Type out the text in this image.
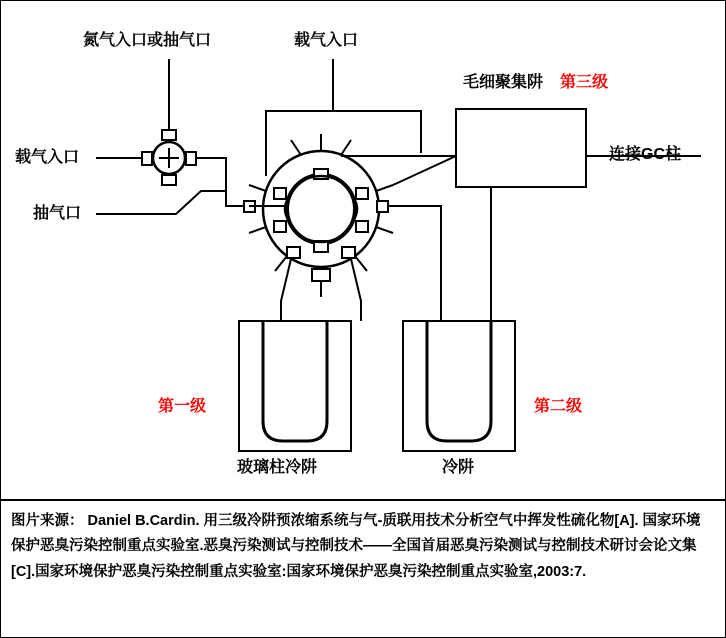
氮气入口或抽气口	载气入口
载气入口
抽气口
毛细聚集阱 第三级
连接GC柱
第一级	第二级
玻璃柱冷阱	冷阱
图片来源： Daniel B.Cardin. 用三级冷阱预浓缩系统与气-质联用技术分析空气中挥发性硫化物[A]. 国家环境保护恶臭污染控制重点实验室.恶臭污染测试与控制技术——全国首届恶臭污染测试与控制技术研讨会论文集[C].国家环境保护恶臭污染控制重点实验室:国家环境保护恶臭污染控制重点实验室,2003:7.
